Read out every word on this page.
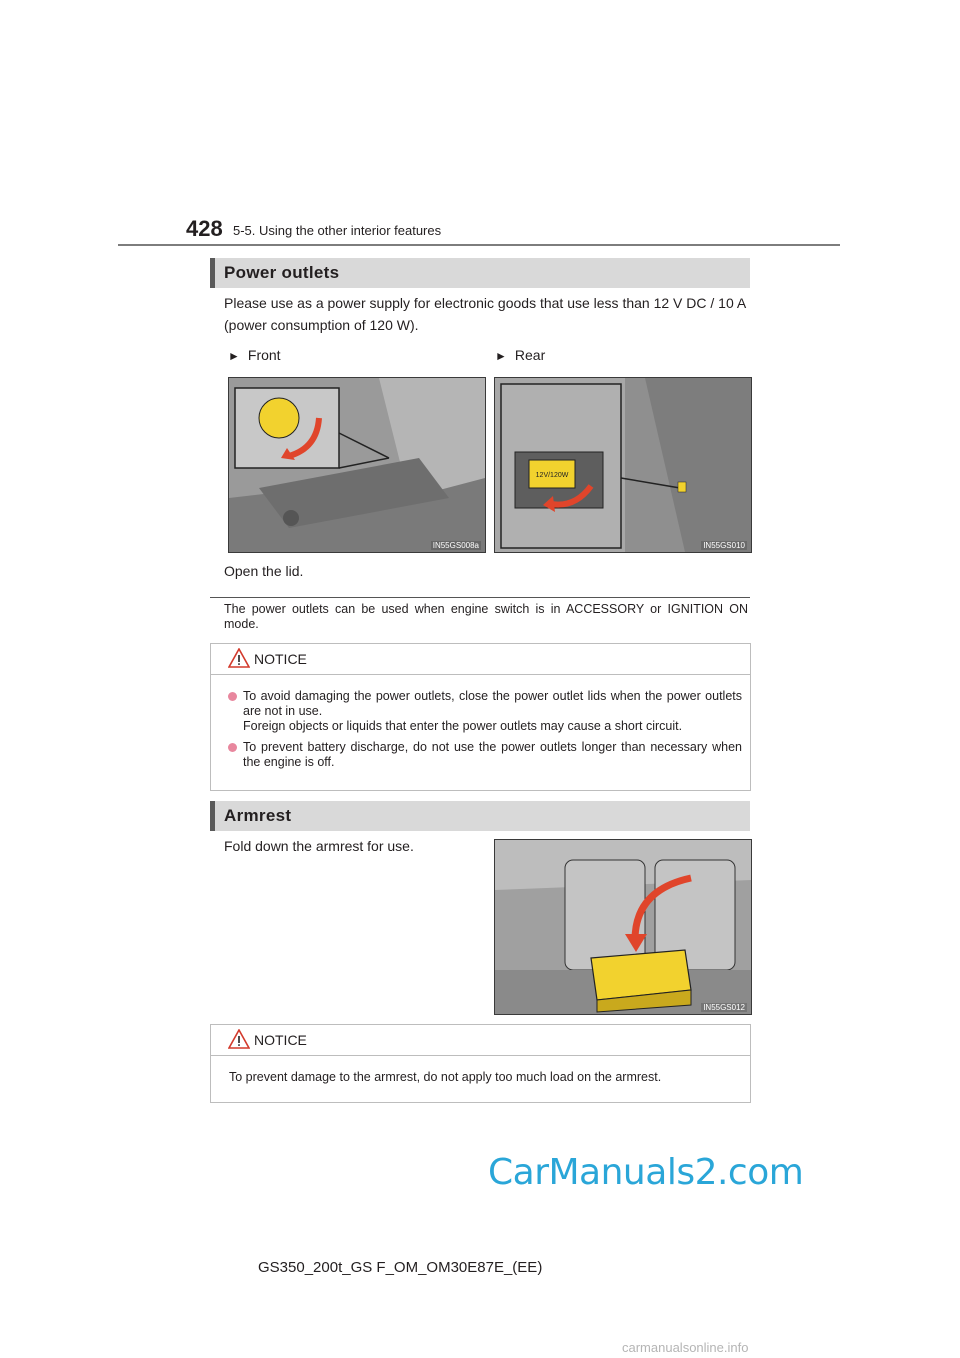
428 5-5. Using the other interior features
Power outlets
Please use as a power supply for electronic goods that use less than 12 V DC / 10 A (power consumption of 120 W).
► Front	► Rear
IN55GS008a
12V/120W
IN55GS010
Open the lid.
The power outlets can be used when engine switch is in ACCESSORY or IGNITION ON mode.
NOTICE
To avoid damaging the power outlets, close the power outlet lids when the power outlets are not in use.
Foreign objects or liquids that enter the power outlets may cause a short circuit.
To prevent battery discharge, do not use the power outlets longer than necessary when the engine is off.
Armrest
Fold down the armrest for use.
IN55GS012
NOTICE
To prevent damage to the armrest, do not apply too much load on the armrest.
CarManuals2.com
GS350_200t_GS F_OM_OM30E87E_(EE)
carmanualsonline.info
